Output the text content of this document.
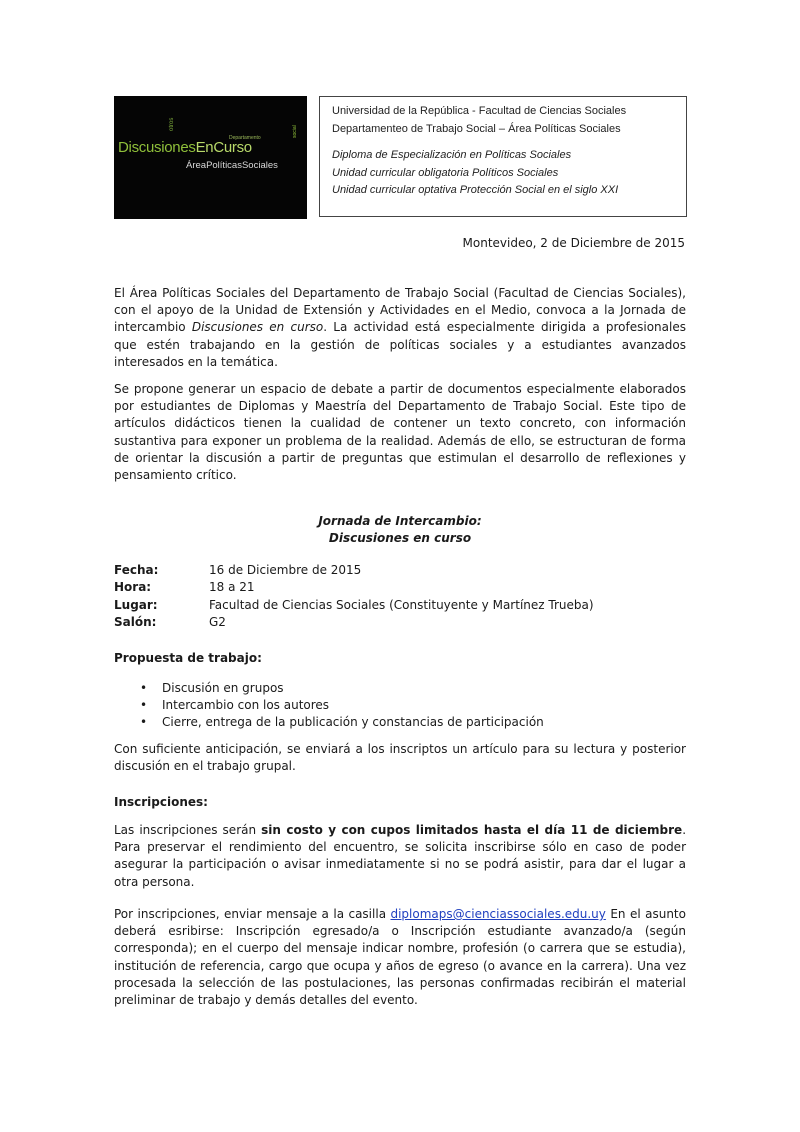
otros
Departamento	social
DiscusionesEnCurso
ÁreaPolíticasSociales
Universidad de la República - Facultad de Ciencias Sociales
Departamenteo de Trabajo Social – Área Políticas Sociales
Diploma de Especialización en Políticas Sociales
Unidad curricular obligatoria Políticos Sociales
Unidad curricular optativa Protección Social en el siglo XXI
Montevideo, 2 de Diciembre de 2015
El Área Políticas Sociales del Departamento de Trabajo Social (Facultad de Ciencias Sociales), con el apoyo de la Unidad de Extensión y Actividades en el Medio, convoca a la Jornada de intercambio Discusiones en curso. La actividad está especialmente dirigida a profesionales que estén trabajando en la gestión de políticas sociales y a estudiantes avanzados interesados en la temática.
Se propone generar un espacio de debate a partir de documentos especialmente elaborados por estudiantes de Diplomas y Maestría del Departamento de Trabajo Social. Este tipo de artículos didácticos tienen la cualidad de contener un texto concreto, con información sustantiva para exponer un problema de la realidad. Además de ello, se estructuran de forma de orientar la discusión a partir de preguntas que estimulan el desarrollo de reflexiones y pensamiento crítico.
Jornada de Intercambio:
Discusiones en curso
Fecha:	16 de Diciembre de 2015
Hora:	18 a 21
Lugar:	Facultad de Ciencias Sociales (Constituyente y Martínez Trueba)
Salón:	G2
Propuesta de trabajo:
• Discusión en grupos
• Intercambio con los autores
• Cierre, entrega de la publicación y constancias de participación
Con suficiente anticipación, se enviará a los inscriptos un artículo para su lectura y posterior discusión en el trabajo grupal.
Inscripciones:
Las inscripciones serán sin costo y con cupos limitados hasta el día 11 de diciembre. Para preservar el rendimiento del encuentro, se solicita inscribirse sólo en caso de poder asegurar la participación o avisar inmediatamente si no se podrá asistir, para dar el lugar a otra persona.
Por inscripciones, enviar mensaje a la casilla diplomaps@cienciassociales.edu.uy En el asunto deberá esribirse: Inscripción egresado/a o Inscripción estudiante avanzado/a (según corresponda); en el cuerpo del mensaje indicar nombre, profesión (o carrera que se estudia), institución de referencia, cargo que ocupa y años de egreso (o avance en la carrera). Una vez procesada la selección de las postulaciones, las personas confirmadas recibirán el material preliminar de trabajo y demás detalles del evento.
